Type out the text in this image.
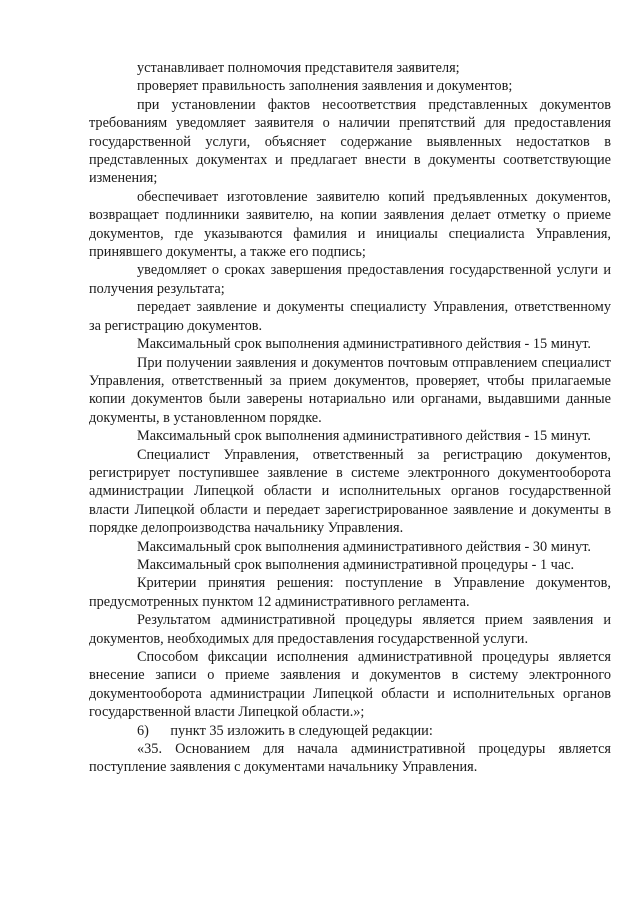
устанавливает полномочия представителя заявителя;

проверяет правильность заполнения заявления и документов;

при установлении фактов несоответствия представленных документов требованиям уведомляет заявителя о наличии препятствий для предоставления государственной услуги, объясняет содержание выявленных недостатков в представленных документах и предлагает внести в документы соответствующие изменения;

обеспечивает изготовление заявителю копий предъявленных документов, возвращает подлинники заявителю, на копии заявления делает отметку о приеме документов, где указываются фамилия и инициалы специалиста Управления, принявшего документы, а также его подпись;

уведомляет о сроках завершения предоставления государственной услуги и получения результата;

передает заявление и документы специалисту Управления, ответственному за регистрацию документов.

Максимальный срок выполнения административного действия - 15 минут.

При получении заявления и документов почтовым отправлением специалист Управления, ответственный за прием документов, проверяет, чтобы прилагаемые копии документов были заверены нотариально или органами, выдавшими данные документы, в установленном порядке.

Максимальный срок выполнения административного действия - 15 минут.

Специалист Управления, ответственный за регистрацию документов, регистрирует поступившее заявление в системе электронного документооборота администрации Липецкой области и исполнительных органов государственной власти Липецкой области и передает зарегистрированное заявление и документы в порядке делопроизводства начальнику Управления.

Максимальный срок выполнения административного действия - 30 минут.

Максимальный срок выполнения административной процедуры - 1 час.

Критерии принятия решения: поступление в Управление документов, предусмотренных пунктом 12 административного регламента.

Результатом административной процедуры является прием заявления и документов, необходимых для предоставления государственной услуги.

Способом фиксации исполнения административной процедуры является внесение записи о приеме заявления и документов в систему электронного документооборота администрации Липецкой области и исполнительных органов государственной власти Липецкой области.»;

6)      пункт 35 изложить в следующей редакции:

«35. Основанием для начала административной процедуры является поступление заявления с документами начальнику Управления.
